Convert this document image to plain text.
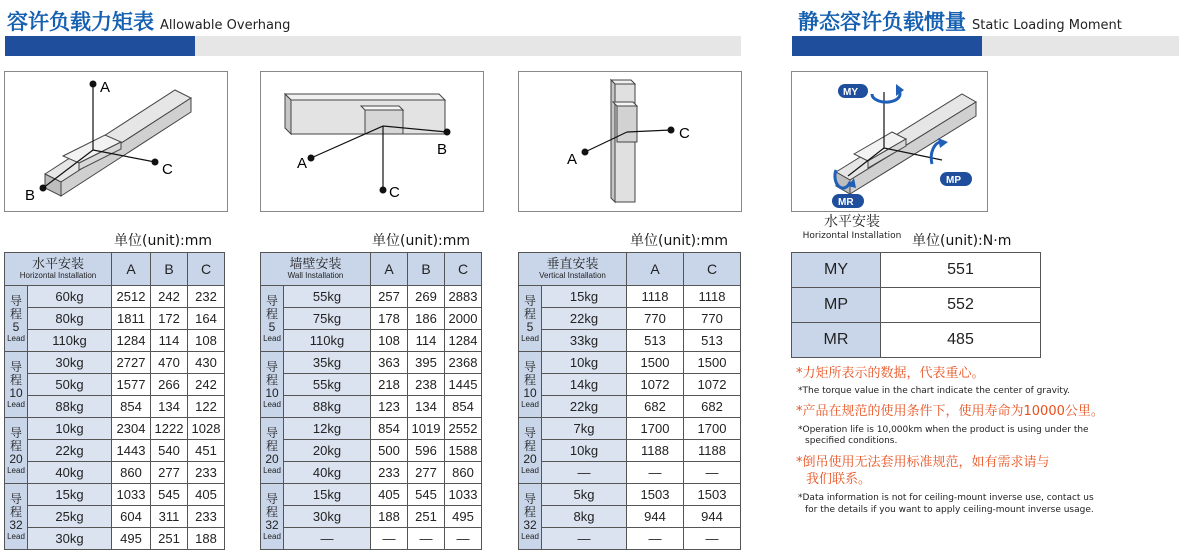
容许负载力矩表 Allowable Overhang	静态容许负载惯量 Static Loading Moment
A
C
B
A
B
C
A
C
MY
MP
MR
单位(unit):mm	单位(unit):mm	单位(unit):mm
水平安装
Horizontal Installation		A	B	C

导
程
5
Lead	60kg	2512	242	232
	80kg	1811	172	164
	110kg	1284	114	108

导
程
10
Lead	30kg	2727	470	430
	50kg	1577	266	242
	88kg	854	134	122

导
程
20
Lead	10kg	2304	1222	1028
	22kg	1443	540	451
	40kg	860	277	233

导
程
32
Lead	15kg	1033	545	405
	25kg	604	311	233
	30kg	495	251	188
墙壁安装
Wall Installation		A	B	C

导
程
5
Lead	55kg	257	269	2883
	75kg	178	186	2000
	110kg	108	114	1284

导
程
10
Lead	35kg	363	395	2368
	55kg	218	238	1445
	88kg	123	134	854

导
程
20
Lead	12kg	854	1019	2552
	20kg	500	596	1588
	40kg	233	277	860

导
程
32
Lead	15kg	405	545	1033
	30kg	188	251	495
	—	—	—	—
垂直安装
Vertical Installation		A	C

导
程
5
Lead	15kg	1118	1118
	22kg	770	770
	33kg	513	513

导
程
10
Lead	10kg	1500	1500
	14kg	1072	1072
	22kg	682	682

导
程
20
Lead	7kg	1700	1700
	10kg	1188	1188
	—	—	—

导
程
32
Lead	5kg	1503	1503
	8kg	944	944
	—	—	—
水平安装
Horizontal Installation 单位(unit):N·m
MY	551
MP	552
MR	485
*力矩所表示的数据，代表重心。
*The torque value in the chart indicate the center of gravity.
*产品在规范的使用条件下，使用寿命为10000公里。
*Operation life is 10,000km when the product is using under the
specified conditions.
*倒吊使用无法套用标准规范，如有需求请与
我们联系。
*Data information is not for ceiling-mount inverse use, contact us
for the details if you want to apply ceiling-mount inverse usage.
